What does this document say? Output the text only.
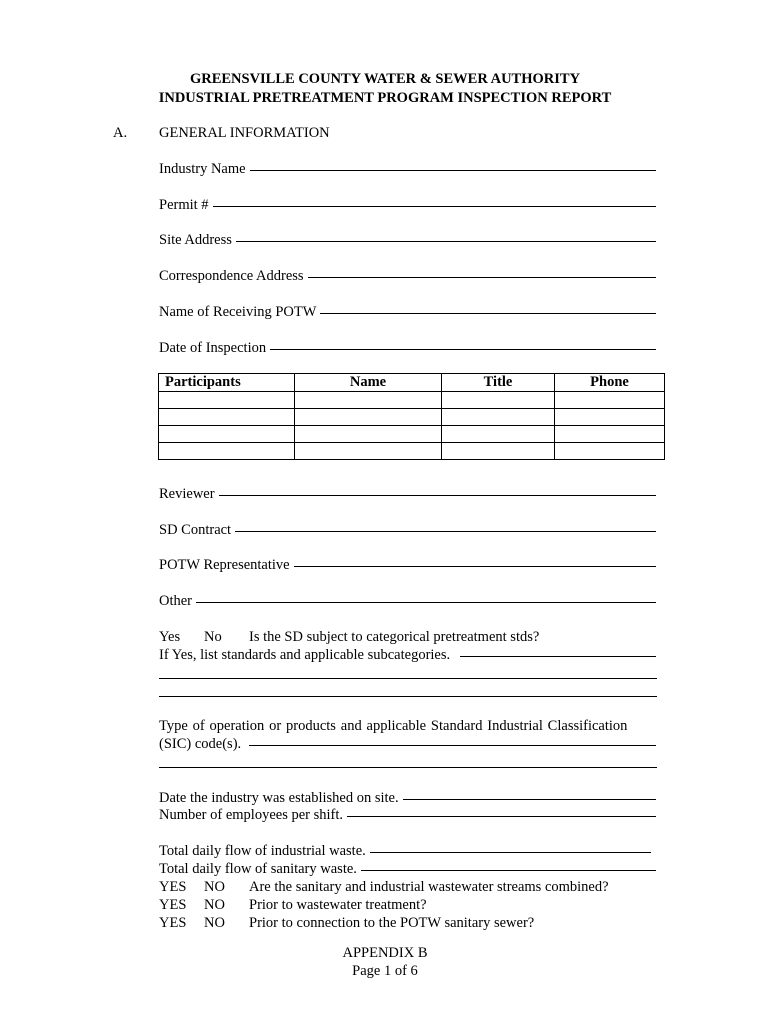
GREENSVILLE COUNTY WATER & SEWER AUTHORITY
INDUSTRIAL PRETREATMENT PROGRAM INSPECTION REPORT
A. GENERAL INFORMATION
Industry Name
Permit #
Site Address
Correspondence Address
Name of Receiving POTW
Date of Inspection
Participants	Name	Title	Phone

Reviewer
SD Contract
POTW Representative
Other
Yes No Is the SD subject to categorical pretreatment stds?
If Yes, list standards and applicable subcategories.
Type of operation or products and applicable Standard Industrial Classification
(SIC) code(s).
Date the industry was established on site.
Number of employees per shift.
Total daily flow of industrial waste.
Total daily flow of sanitary waste.
YES NO Are the sanitary and industrial wastewater streams combined?
YES NO Prior to wastewater treatment?
YES NO Prior to connection to the POTW sanitary sewer?
APPENDIX B
Page 1 of 6
